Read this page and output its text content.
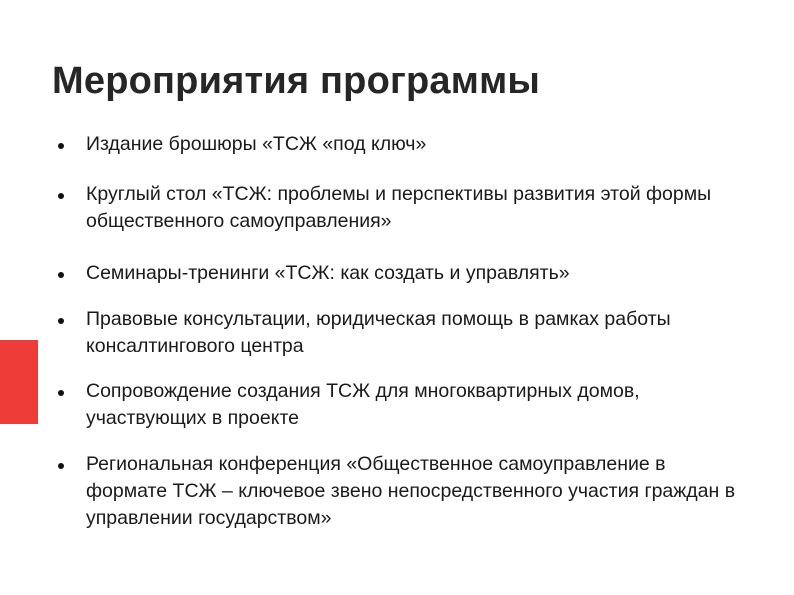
Мероприятия программы
Издание брошюры «ТСЖ «под ключ»
Круглый стол «ТСЖ: проблемы и перспективы развития этой формы общественного самоуправления»
Семинары-тренинги «ТСЖ: как создать и управлять»
Правовые консультации, юридическая помощь в рамках работы консалтингового центра
Сопровождение создания ТСЖ для многоквартирных домов, участвующих в проекте
Региональная конференция «Общественное самоуправление в формате ТСЖ – ключевое звено непосредственного участия граждан в управлении государством»
